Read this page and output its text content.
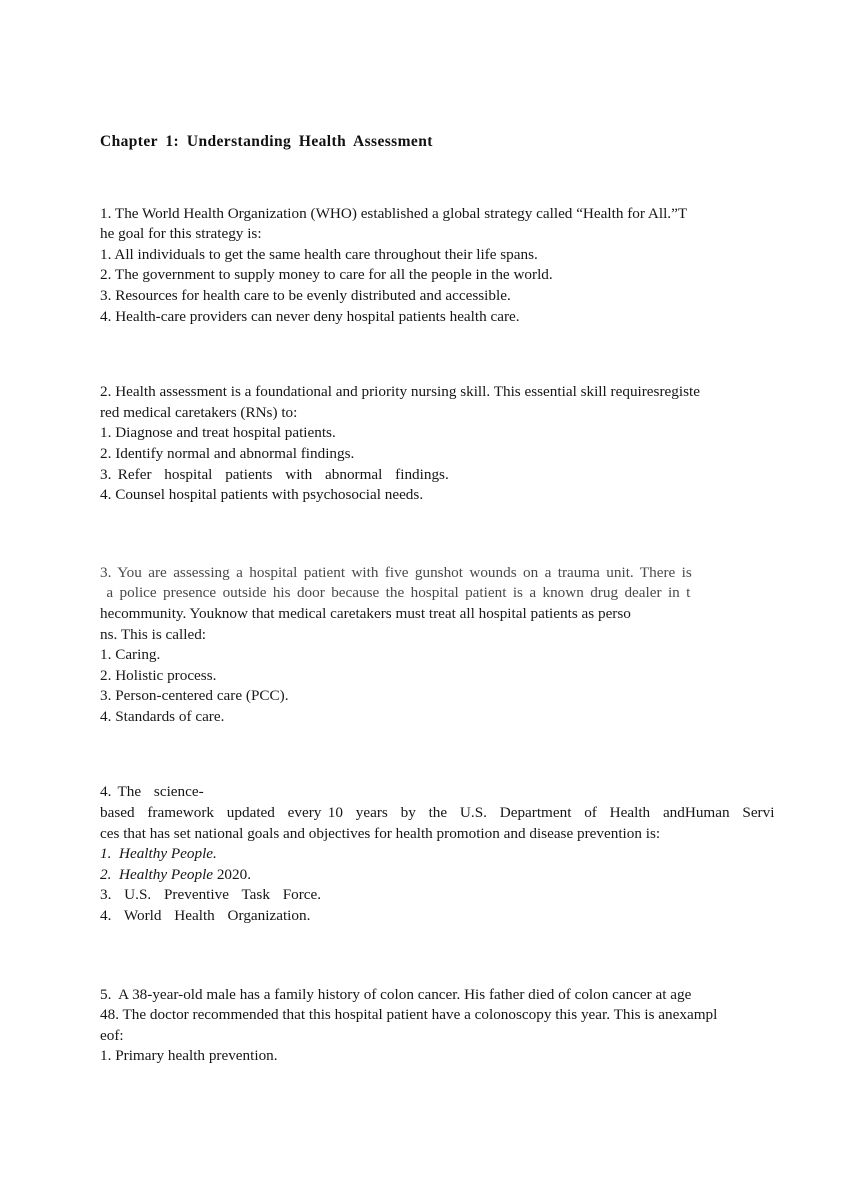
Chapter 1: Understanding Health Assessment

1. The World Health Organization (WHO) established a global strategy called “Health for All.”T

he goal for this strategy is:

1. All individuals to get the same health care throughout their life spans.

2. The government to supply money to care for all the people in the world.

3. Resources for health care to be evenly distributed and accessible.

4. Health-care providers can never deny hospital patients health care.

2. Health assessment is a foundational and priority nursing skill. This essential skill requiresregiste

red medical caretakers (RNs) to:

1. Diagnose and treat hospital patients.

2. Identify normal and abnormal findings.

3. Refer  hospital  patients  with  abnormal  findings.

4. Counsel hospital patients with psychosocial needs.

3. You are assessing a hospital patient with five gunshot wounds on a trauma unit. There is

a police presence outside his door because the hospital patient is a known drug dealer in t

hecommunity. Youknow that medical caretakers must treat all hospital patients as perso

ns. This is called:

1. Caring.

2. Holistic process.

3. Person-centered care (PCC).

4. Standards of care.

4. The  science-

based  framework  updated  every 10  years  by  the  U.S.  Department  of  Health  andHuman  Servi

ces that has set national goals and objectives for health promotion and disease prevention is:

1.  Healthy People.

2.  Healthy People 2020.

3.  U.S.  Preventive  Task  Force.

4.  World  Health  Organization.

5.  A 38-year-old male has a family history of colon cancer. His father died of colon cancer at age

48. The doctor recommended that this hospital patient have a colonoscopy this year. This is anexampl

eof:

1. Primary health prevention.
